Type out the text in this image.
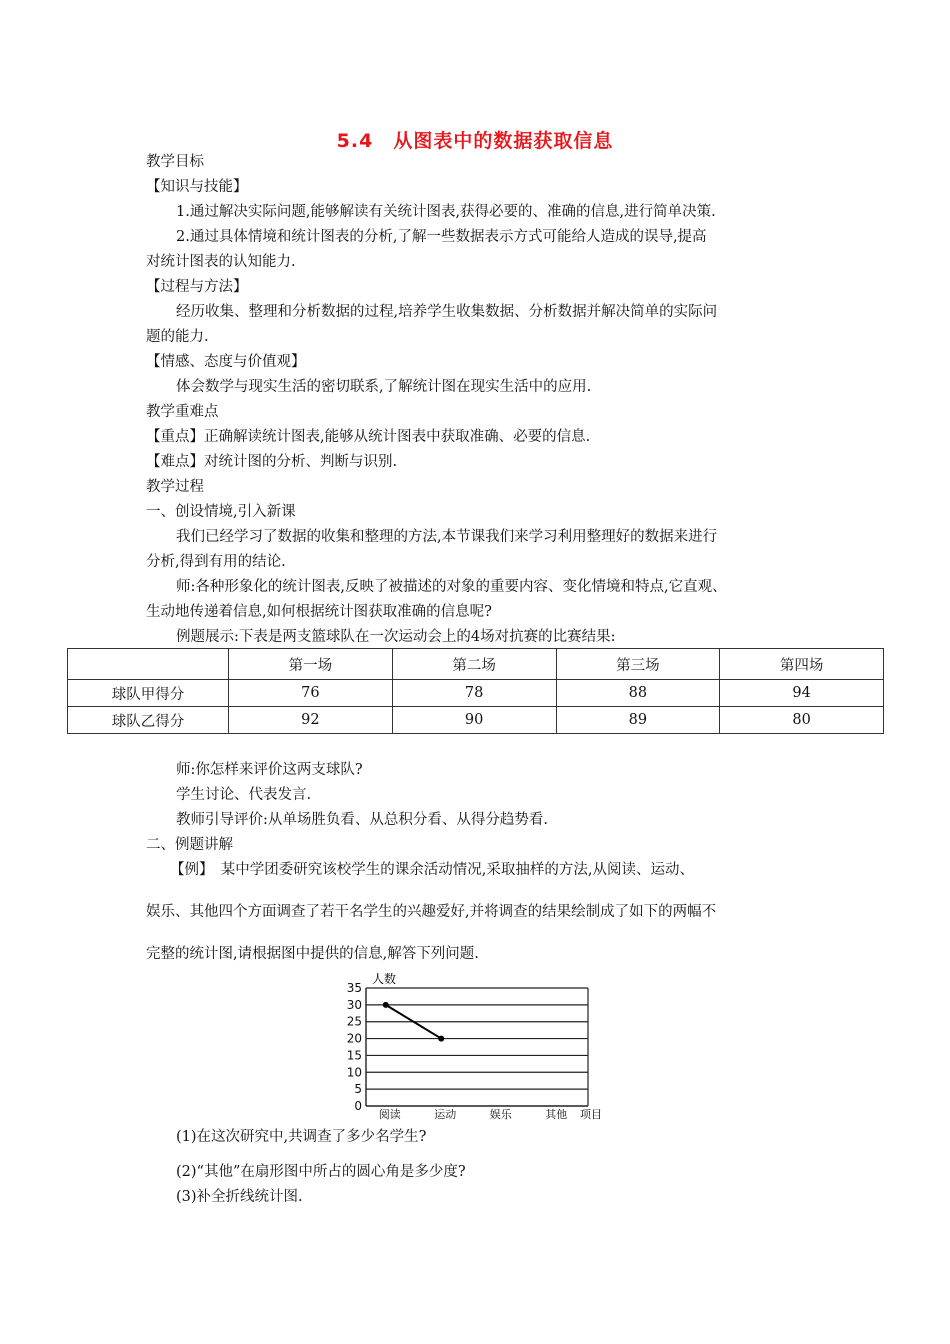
5.4　从图表中的数据获取信息
教学目标
【知识与技能】
1.通过解决实际问题,能够解读有关统计图表,获得必要的、准确的信息,进行简单决策.
2.通过具体情境和统计图表的分析,了解一些数据表示方式可能给人造成的误导,提高
对统计图表的认知能力.
【过程与方法】
经历收集、整理和分析数据的过程,培养学生收集数据、分析数据并解决简单的实际问
题的能力.
【情感、态度与价值观】
体会数学与现实生活的密切联系,了解统计图在现实生活中的应用.
教学重难点
【重点】正确解读统计图表,能够从统计图表中获取准确、必要的信息.
【难点】对统计图的分析、判断与识别.
教学过程
一、创设情境,引入新课
我们已经学习了数据的收集和整理的方法,本节课我们来学习利用整理好的数据来进行
分析,得到有用的结论.
师:各种形象化的统计图表,反映了被描述的对象的重要内容、变化情境和特点,它直观、
生动地传递着信息,如何根据统计图获取准确的信息呢?
例题展示:下表是两支篮球队在一次运动会上的4场对抗赛的比赛结果:
	第一场	第二场	第三场	第四场
球队甲得分	76	78	88	94
球队乙得分	92	90	89	80
师:你怎样来评价这两支球队?
学生讨论、代表发言.
教师引导评价:从单场胜负看、从总积分看、从得分趋势看.
二、例题讲解
【例】　某中学团委研究该校学生的课余活动情况,采取抽样的方法,从阅读、运动、
娱乐、其他四个方面调查了若干名学生的兴趣爱好,并将调查的结果绘制成了如下的两幅不
完整的统计图,请根据图中提供的信息,解答下列问题.
0
5
10
15
20
25
30
35
阅读	运动	娱乐	其他
人数
项目
(1)在这次研究中,共调查了多少名学生?
(2)“其他”在扇形图中所占的圆心角是多少度?
(3)补全折线统计图.
